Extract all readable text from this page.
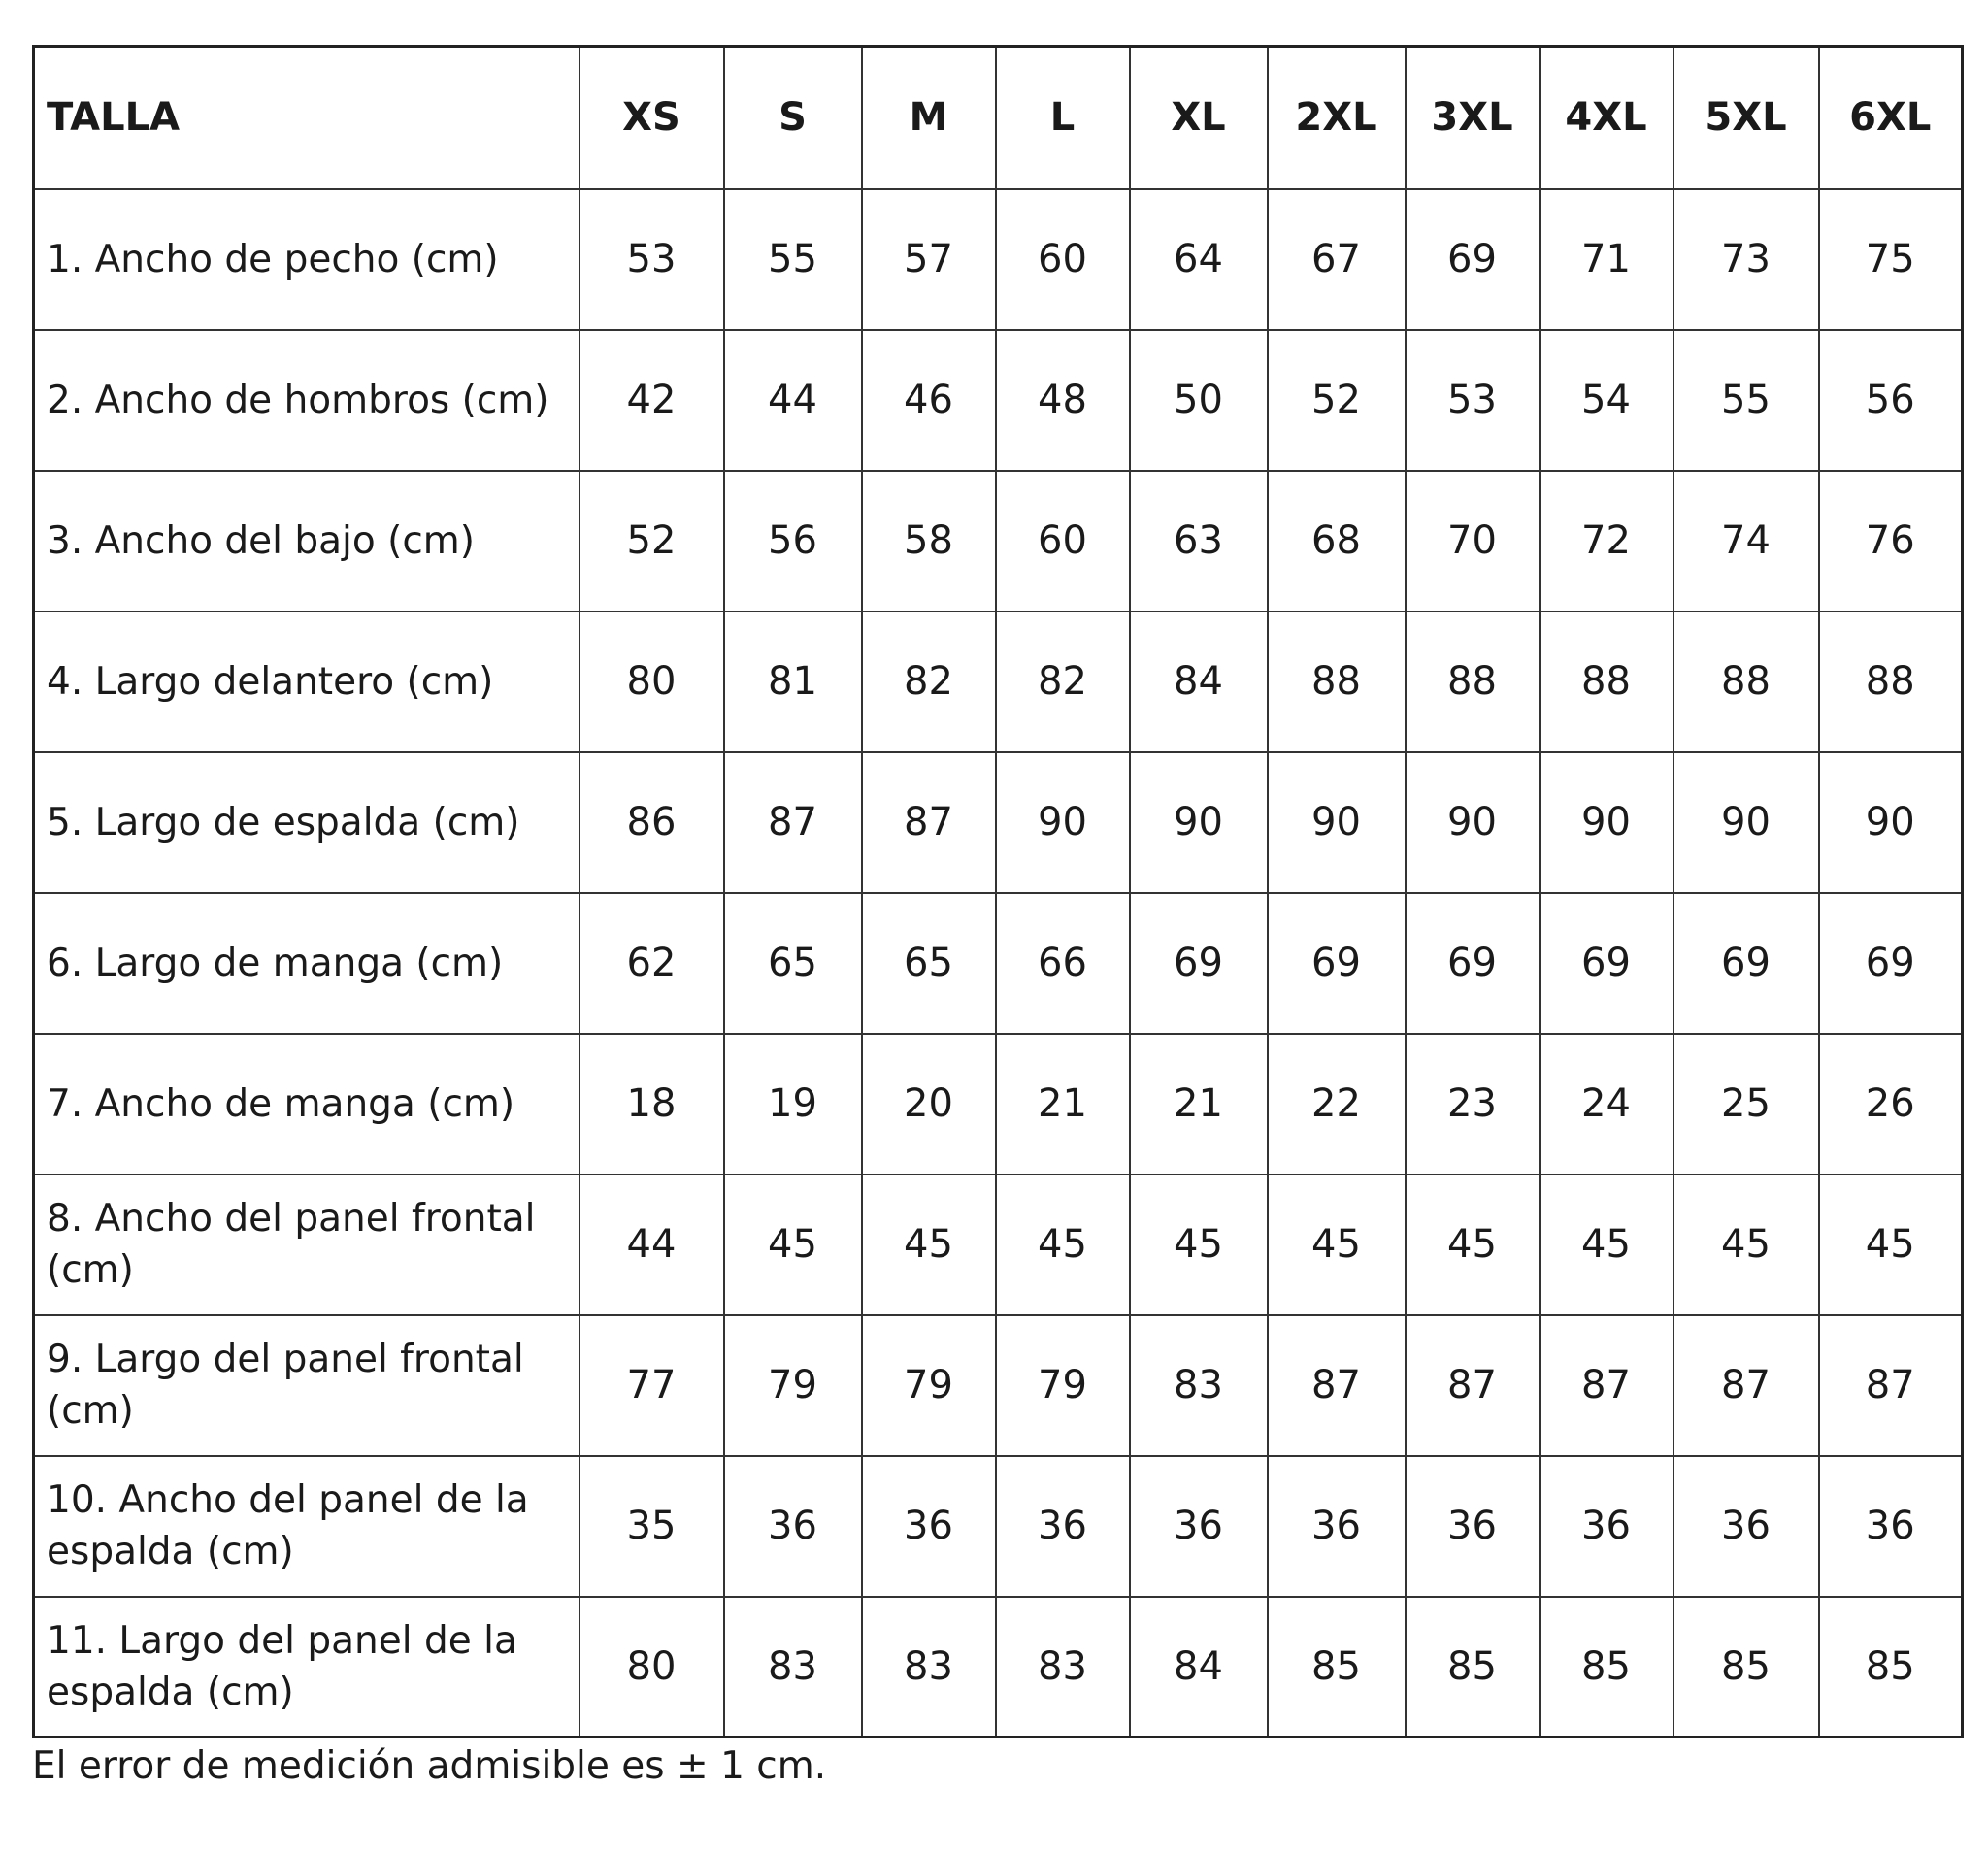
TALLA	XS	S	M	L	XL	2XL	3XL	4XL	5XL	6XL
1. Ancho de pecho (cm)	53	55	57	60	64	67	69	71	73	75
2. Ancho de hombros (cm)	42	44	46	48	50	52	53	54	55	56
3. Ancho del bajo (cm)	52	56	58	60	63	68	70	72	74	76
4. Largo delantero (cm)	80	81	82	82	84	88	88	88	88	88
5. Largo de espalda (cm)	86	87	87	90	90	90	90	90	90	90
6. Largo de manga (cm)	62	65	65	66	69	69	69	69	69	69
7. Ancho de manga (cm)	18	19	20	21	21	22	23	24	25	26
8. Ancho del panel frontal (cm)	44	45	45	45	45	45	45	45	45	45
9. Largo del panel frontal (cm)	77	79	79	79	83	87	87	87	87	87
10. Ancho del panel de la espalda (cm)	35	36	36	36	36	36	36	36	36	36
11. Largo del panel de la espalda (cm)	80	83	83	83	84	85	85	85	85	85

El error de medición admisible es ± 1 cm.
